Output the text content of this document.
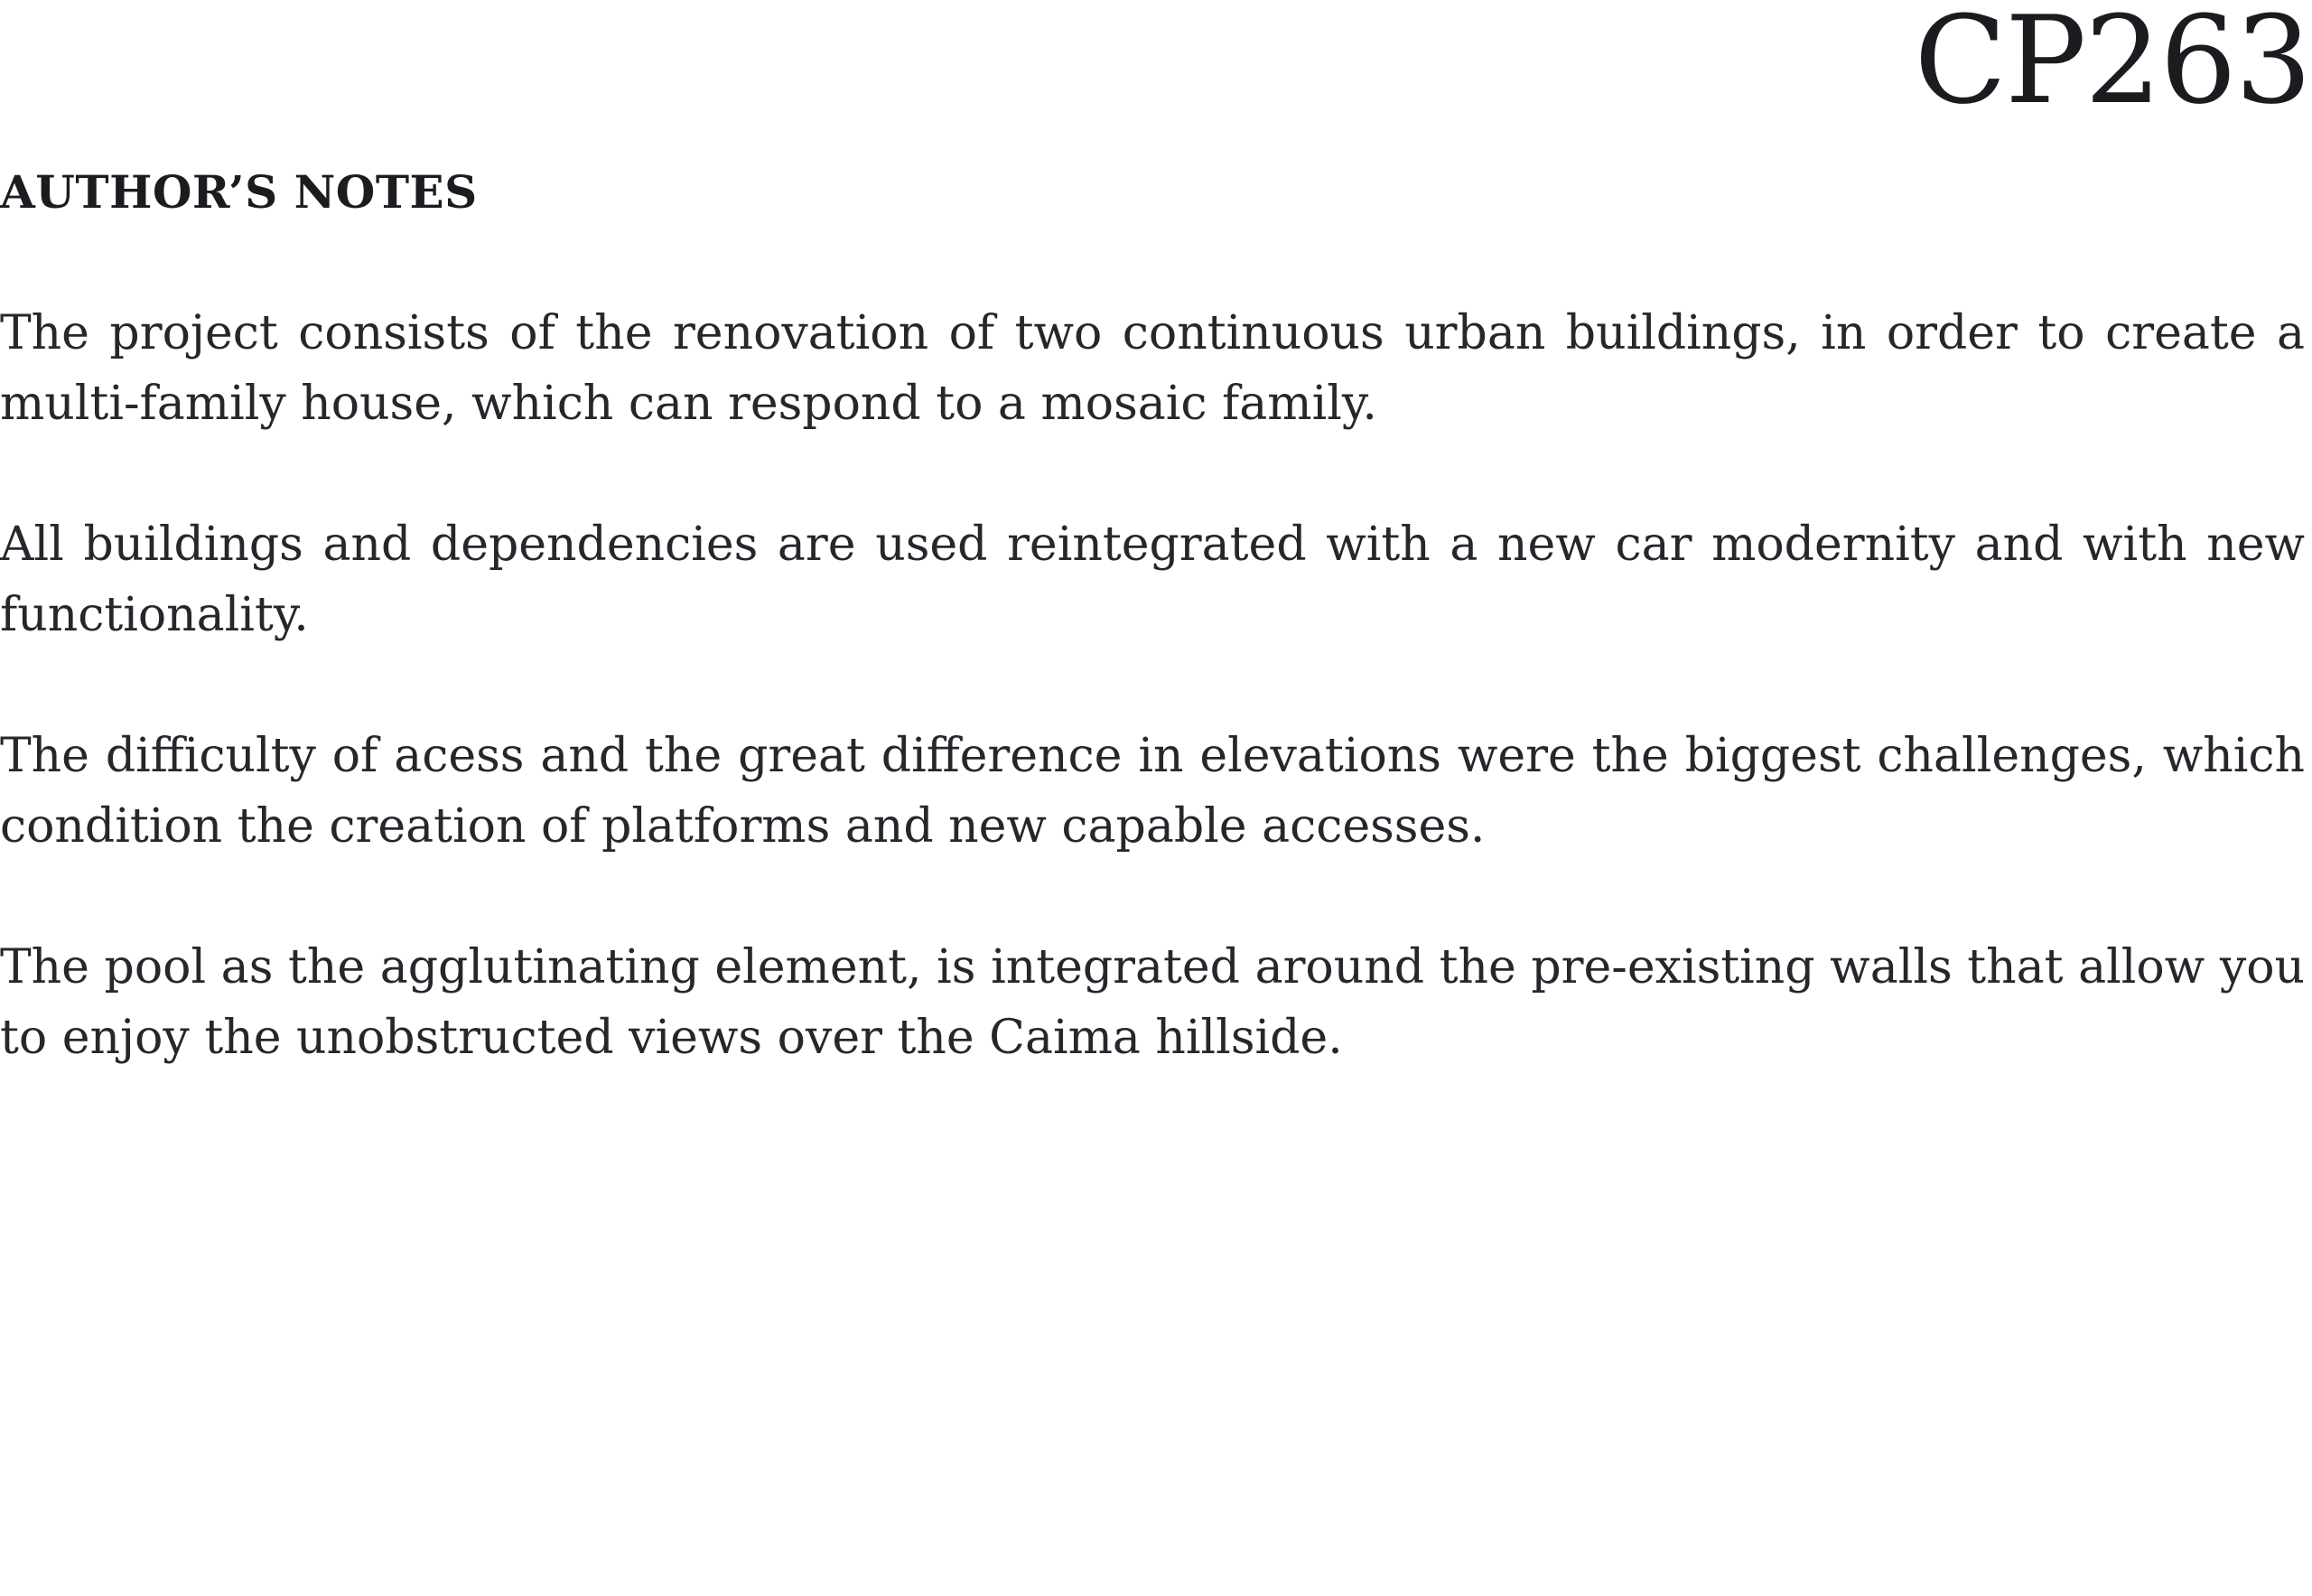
CP263
AUTHOR’S NOTES

The project consists of the renovation of two continuous urban buildings, in order to create a multi-family house, which can respond to a mosaic family.

All buildings and dependencies are used reintegrated with a new car modernity and with new functionality.

The difficulty of acess and the great difference in elevations were the biggest challenges, which condition the creation of platforms and new capable accesses.

The pool as the agglutinating element, is integrated around the pre-existing walls that allow you to enjoy the unobstructed views over the Caima hillside.
